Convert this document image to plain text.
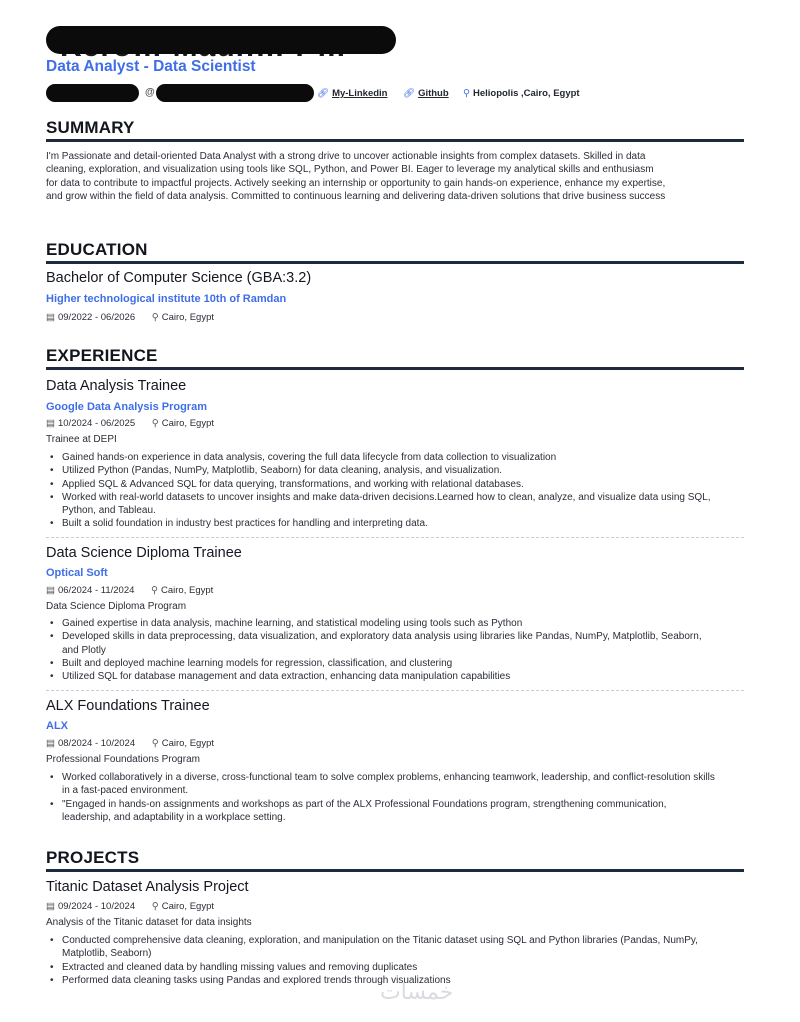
Data Analyst - Data Scientist
@	🔗︎ My-Linkedin 🔗︎ Github ⚲ Heliopolis ,Cairo, Egypt
SUMMARY
I'm Passionate and detail-oriented Data Analyst with a strong drive to uncover actionable insights from complex datasets. Skilled in data cleaning, exploration, and visualization using tools like SQL, Python, and Power BI. Eager to leverage my analytical skills and enthusiasm for data to contribute to impactful projects. Actively seeking an internship or opportunity to gain hands-on experience, enhance my expertise, and grow within the field of data analysis. Committed to continuous learning and delivering data-driven solutions that drive business success
EDUCATION
Bachelor of Computer Science (GBA:3.2)
Higher technological institute 10th of Ramdan
▤ 09/2022 - 06/2026 ⚲ Cairo, Egypt
EXPERIENCE
Data Analysis Trainee
Google Data Analysis Program
▤ 10/2024 - 06/2025 ⚲ Cairo, Egypt
Trainee at DEPI
• Gained hands-on experience in data analysis, covering the full data lifecycle from data collection to visualization
• Utilized Python (Pandas, NumPy, Matplotlib, Seaborn) for data cleaning, analysis, and visualization.
• Applied SQL & Advanced SQL for data querying, transformations, and working with relational databases.
• Worked with real-world datasets to uncover insights and make data-driven decisions.Learned how to clean, analyze, and visualize data using SQL, Python, and Tableau.
• Built a solid foundation in industry best practices for handling and interpreting data.
Data Science Diploma Trainee
Optical Soft
▤ 06/2024 - 11/2024 ⚲ Cairo, Egypt
Data Science Diploma Program
• Gained expertise in data analysis, machine learning, and statistical modeling using tools such as Python
• Developed skills in data preprocessing, data visualization, and exploratory data analysis using libraries like Pandas, NumPy, Matplotlib, Seaborn, and Plotly
• Built and deployed machine learning models for regression, classification, and clustering
• Utilized SQL for database management and data extraction, enhancing data manipulation capabilities
ALX Foundations Trainee
ALX
▤ 08/2024 - 10/2024 ⚲ Cairo, Egypt
Professional Foundations Program
• Worked collaboratively in a diverse, cross-functional team to solve complex problems, enhancing teamwork, leadership, and conflict-resolution skills in a fast-paced environment.
• "Engaged in hands-on assignments and workshops as part of the ALX Professional Foundations program, strengthening communication, leadership, and adaptability in a workplace setting.
PROJECTS
Titanic Dataset Analysis Project
▤ 09/2024 - 10/2024 ⚲ Cairo, Egypt
Analysis of the Titanic dataset for data insights
• Conducted comprehensive data cleaning, exploration, and manipulation on the Titanic dataset using SQL and Python libraries (Pandas, NumPy, Matplotlib, Seaborn)
• Extracted and cleaned data by handling missing values and removing duplicates
• Performed data cleaning tasks using Pandas and explored trends through visualizations
خمسات
